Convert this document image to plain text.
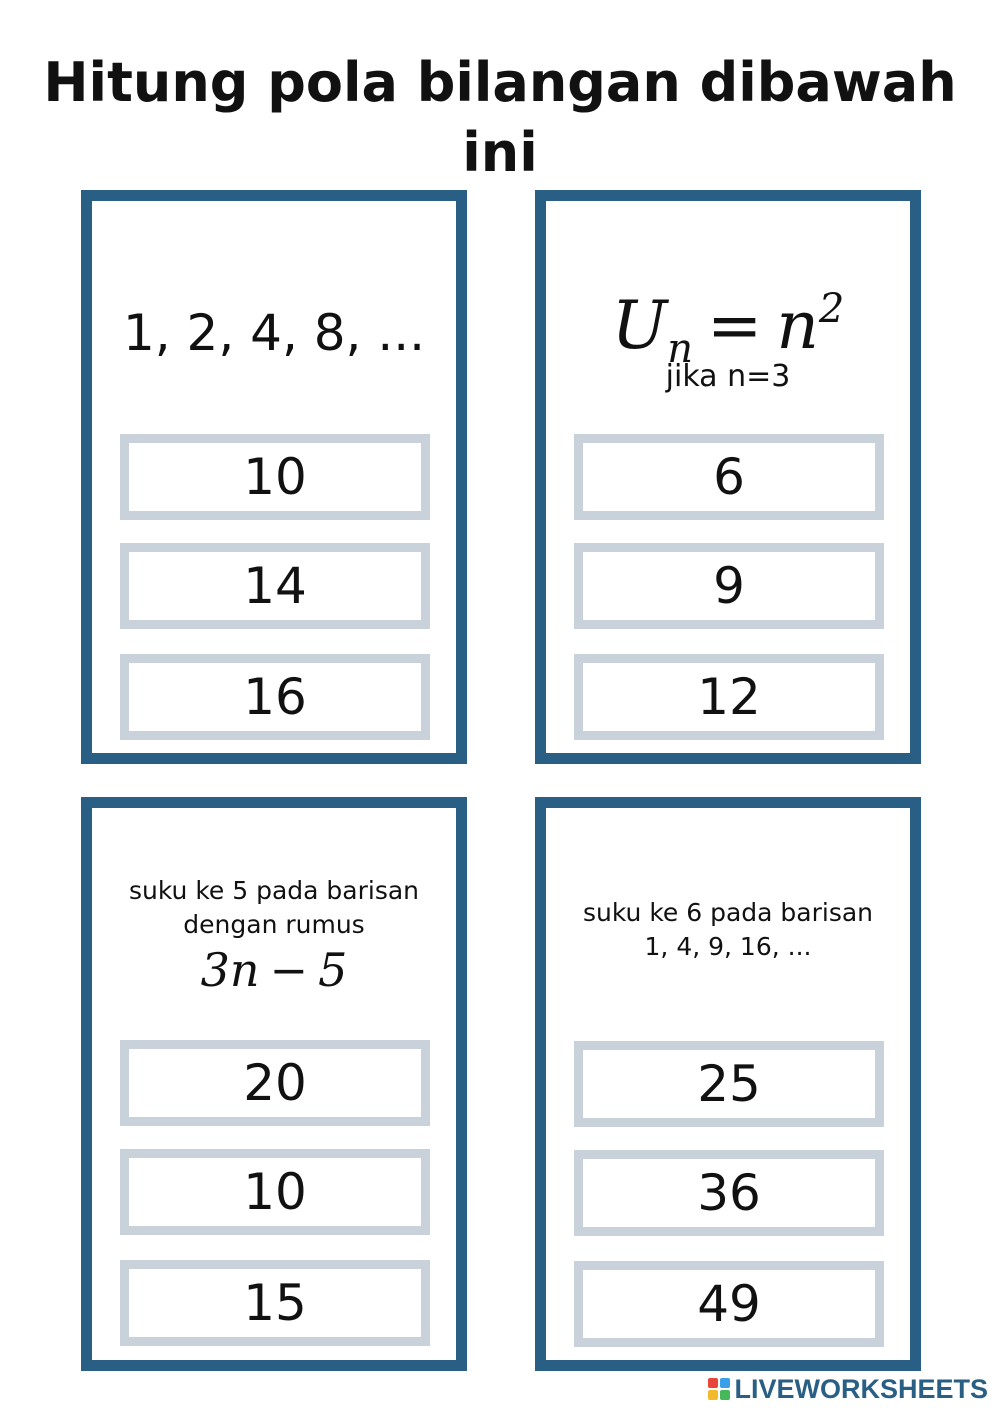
Hitung pola bilangan dibawah ini
1, 2, 4, 8, ...
10
14
16
$U_n = n^2$
jika n=3
6
9
12
suku ke 5 pada barisan
dengan rumus
3n − 5
20
10
15
suku ke 6 pada barisan
1, 4, 9, 16, ...
25
36
49
LIVEWORKSHEETS
